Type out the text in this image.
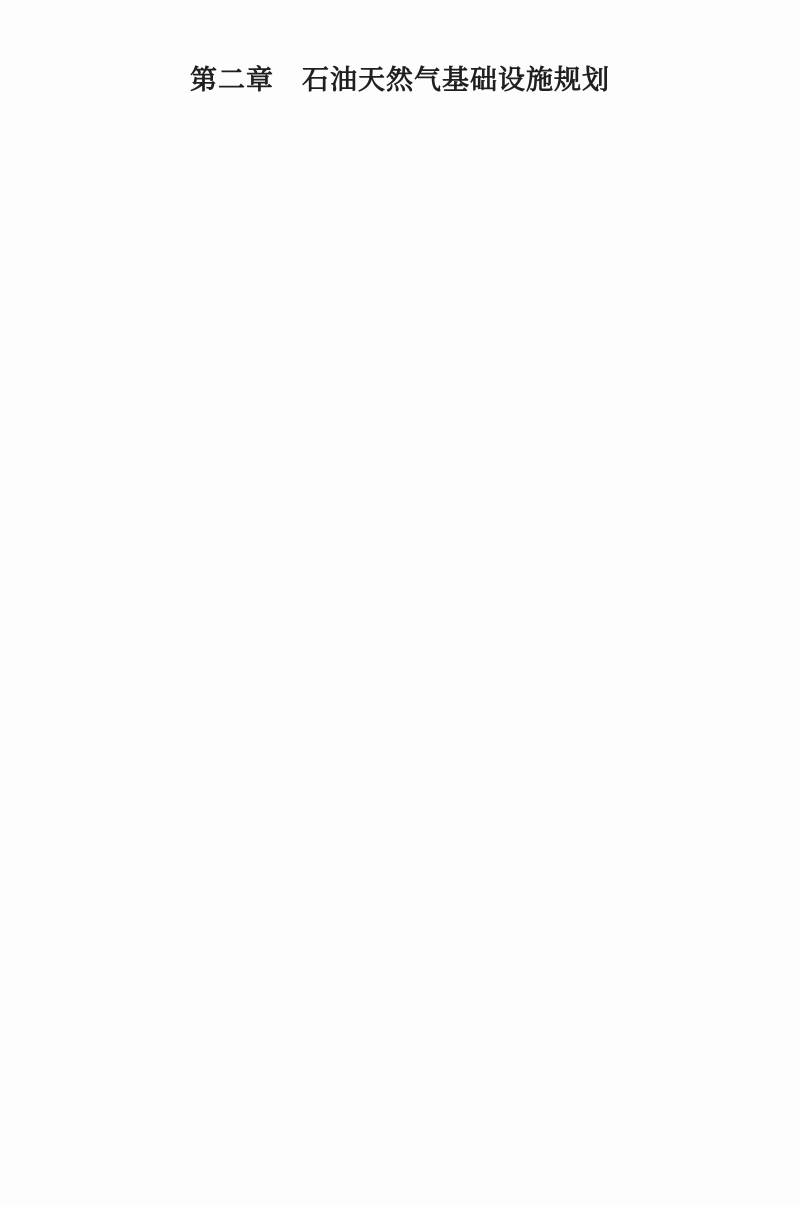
第二章　石油天然气基础设施规划
